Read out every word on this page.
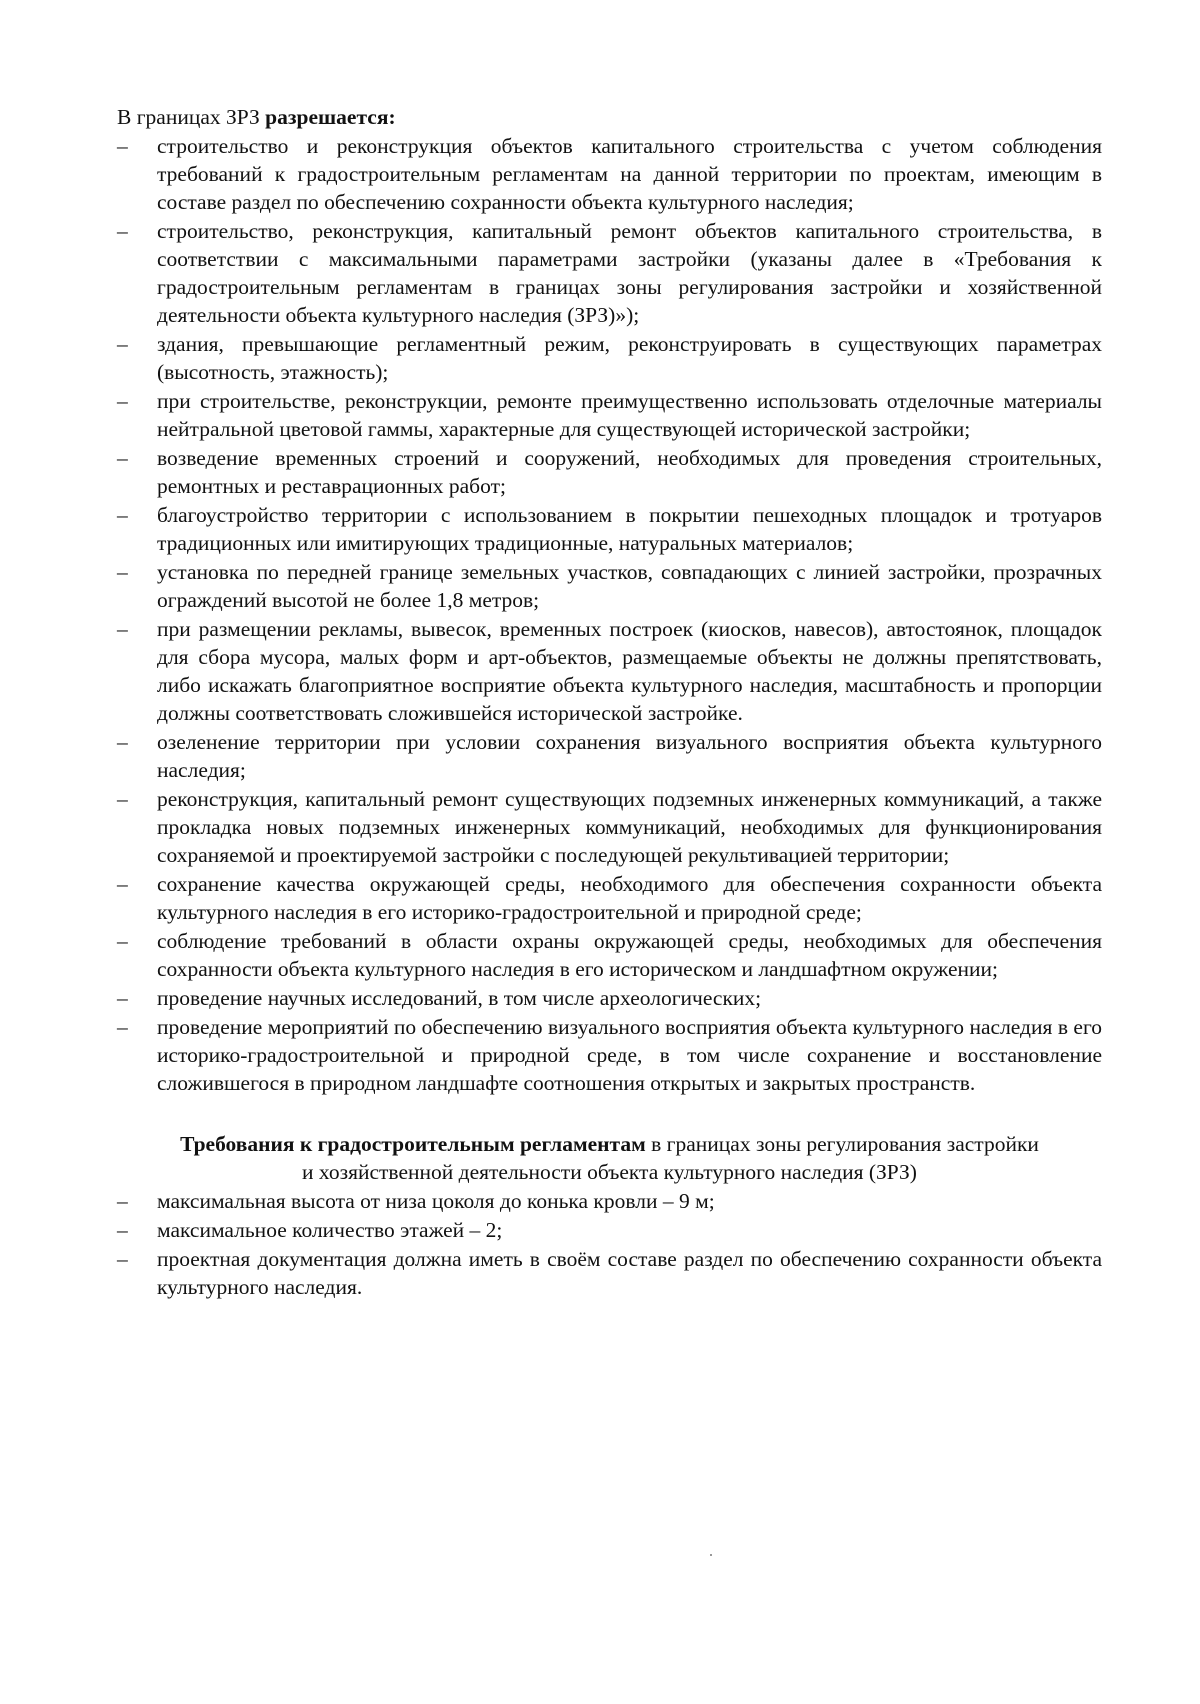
В границах ЗРЗ разрешается:

– строительство и реконструкция объектов капитального строительства с учетом соблюдения требований к градостроительным регламентам на данной территории по проектам, имеющим в составе раздел по обеспечению сохранности объекта культурного наследия;
– строительство, реконструкция, капитальный ремонт объектов капитального строительства, в соответствии с максимальными параметрами застройки (указаны далее в «Требования к градостроительным регламентам в границах зоны регулирования застройки и хозяйственной деятельности объекта культурного наследия (ЗРЗ)»);
– здания, превышающие регламентный режим, реконструировать в существующих параметрах (высотность, этажность);
– при строительстве, реконструкции, ремонте преимущественно использовать отделочные материалы нейтральной цветовой гаммы, характерные для существующей исторической застройки;
– возведение временных строений и сооружений, необходимых для проведения строительных, ремонтных и реставрационных работ;
– благоустройство территории с использованием в покрытии пешеходных площадок и тротуаров традиционных или имитирующих традиционные, натуральных материалов;
– установка по передней границе земельных участков, совпадающих с линией застройки, прозрачных ограждений высотой не более 1,8 метров;
– при размещении рекламы, вывесок, временных построек (киосков, навесов), автостоянок, площадок для сбора мусора, малых форм и арт-объектов, размещаемые объекты не должны препятствовать, либо искажать благоприятное восприятие объекта культурного наследия, масштабность и пропорции должны соответствовать сложившейся исторической застройке.
– озеленение территории при условии сохранения визуального восприятия объекта культурного наследия;
– реконструкция, капитальный ремонт существующих подземных инженерных коммуникаций, а также прокладка новых подземных инженерных коммуникаций, необходимых для функционирования сохраняемой и проектируемой застройки с последующей рекультивацией территории;
– сохранение качества окружающей среды, необходимого для обеспечения сохранности объекта культурного наследия в его историко-градостроительной и природной среде;
– соблюдение требований в области охраны окружающей среды, необходимых для обеспечения сохранности объекта культурного наследия в его историческом и ландшафтном окружении;
– проведение научных исследований, в том числе археологических;
– проведение мероприятий по обеспечению визуального восприятия объекта культурного наследия в его историко-градостроительной и природной среде, в том числе сохранение и восстановление сложившегося в природном ландшафте соотношения открытых и закрытых пространств.
Требования к градостроительным регламентам в границах зоны регулирования застройки
и хозяйственной деятельности объекта культурного наследия (ЗРЗ)
– максимальная высота от низа цоколя до конька кровли – 9 м;
– максимальное количество этажей – 2;
– проектная документация должна иметь в своём составе раздел по обеспечению сохранности объекта культурного наследия.
